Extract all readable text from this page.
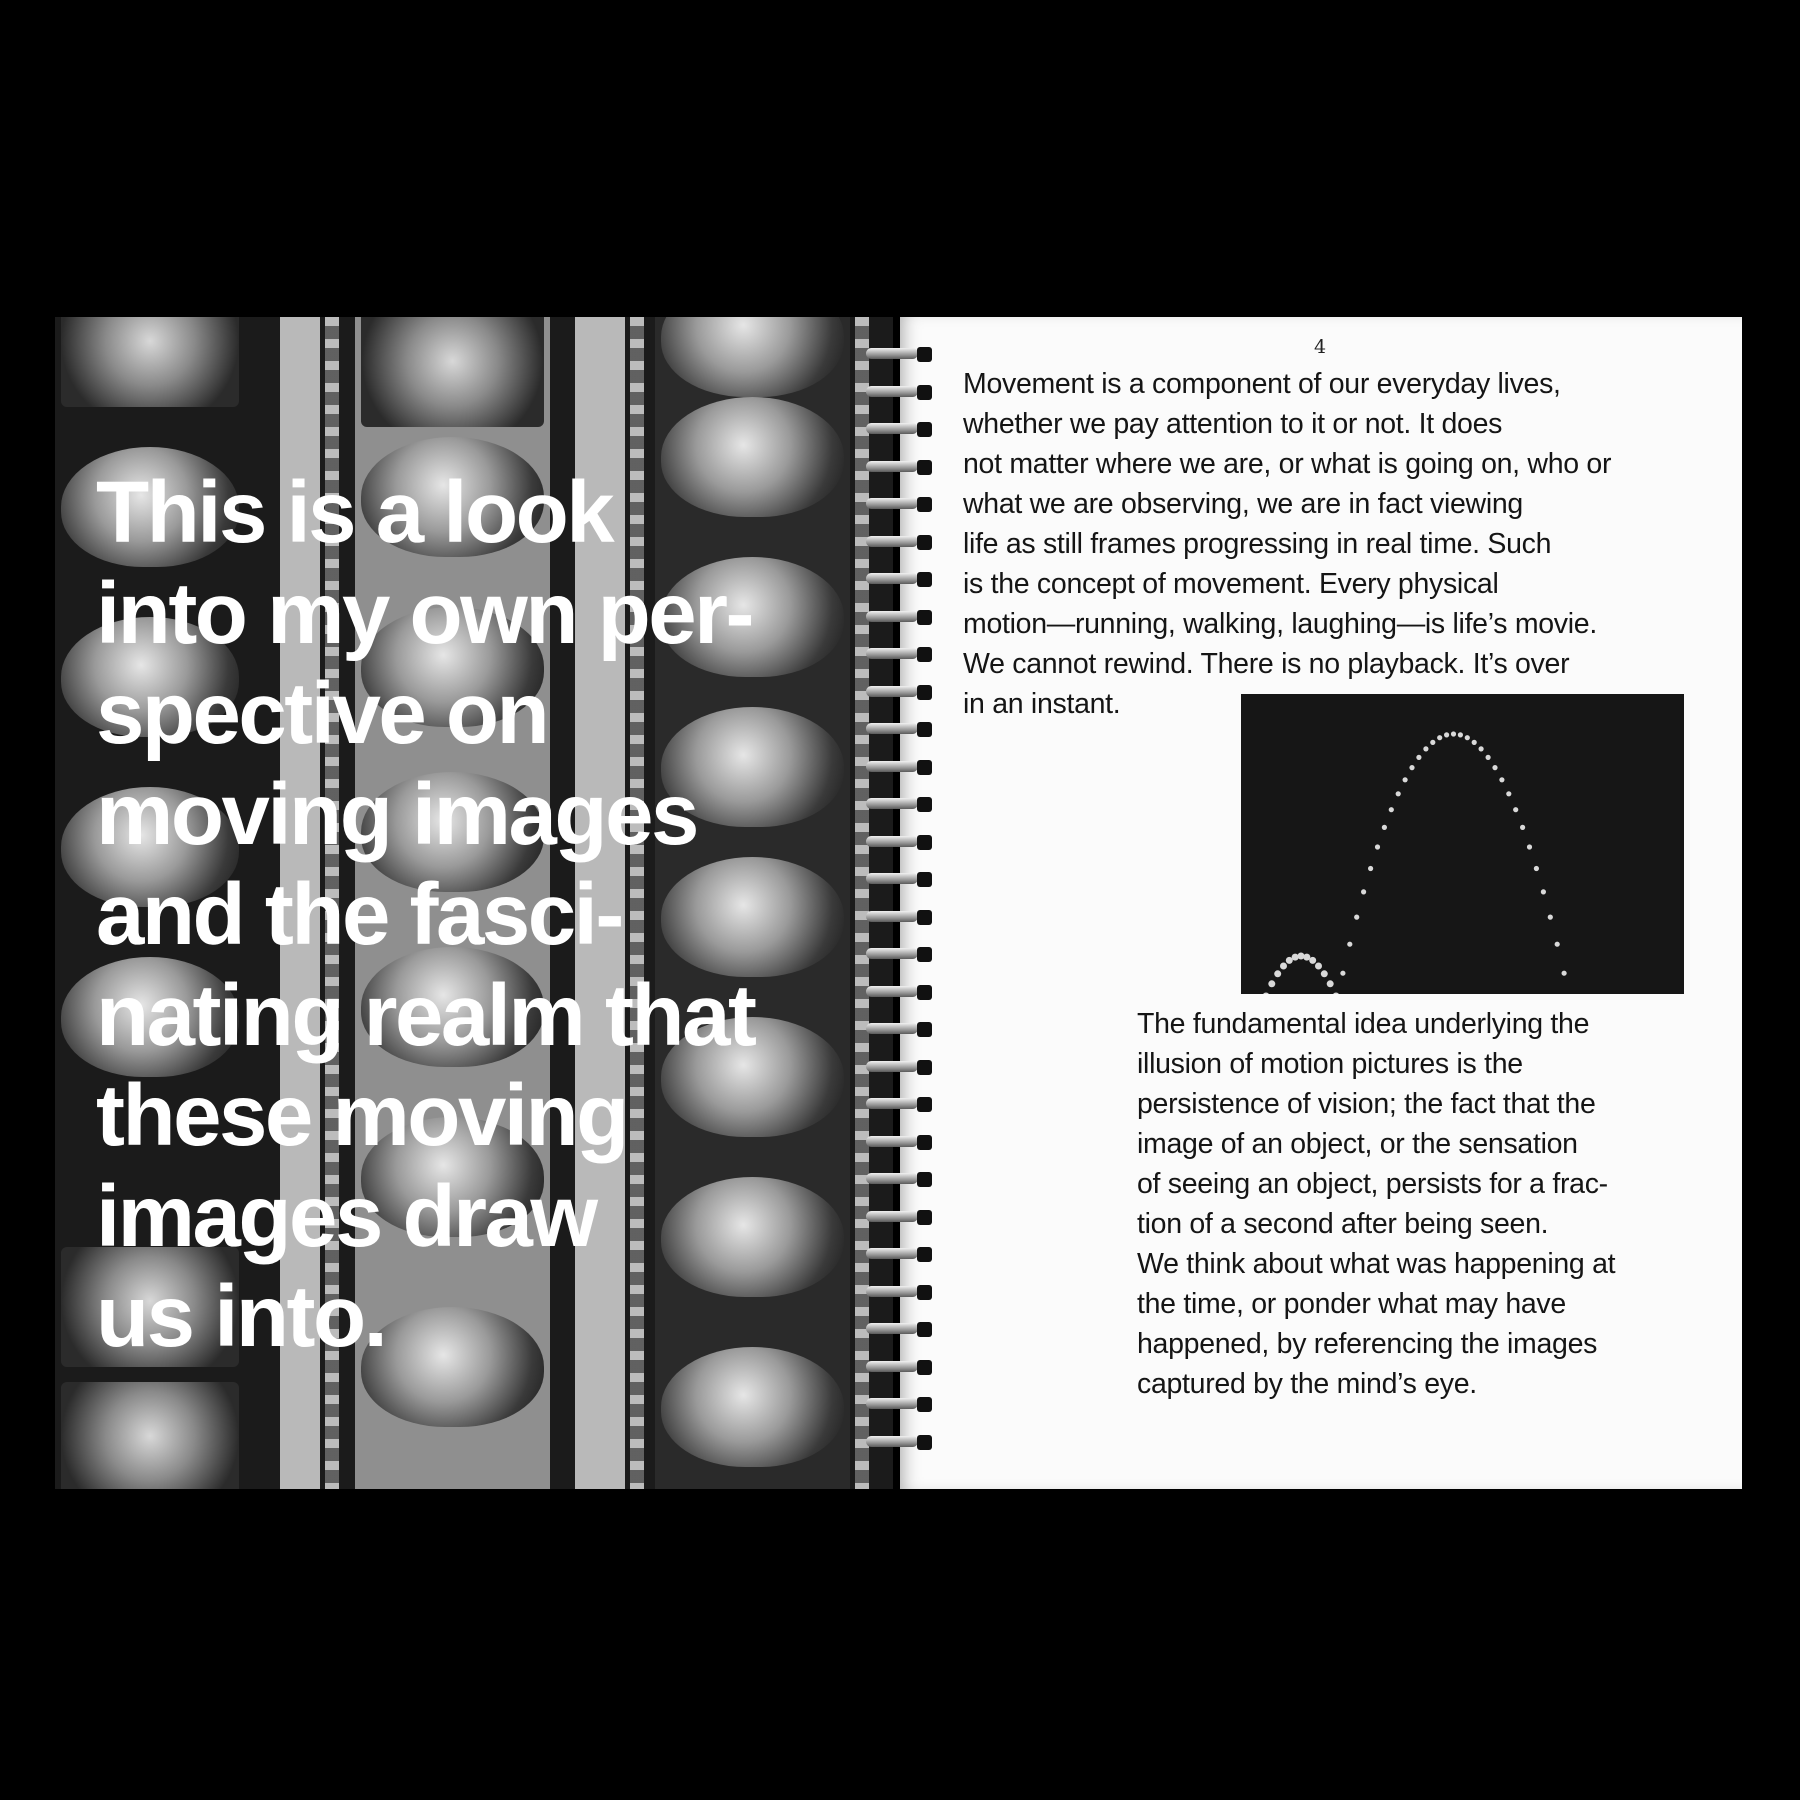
This is a look
into my own per-
spective on
moving images
and the fasci-
nating realm that
these moving
images draw
us into.
4

Movement is a component of our everyday lives,
whether we pay attention to it or not. It does
not matter where we are, or what is going on, who or
what we are observing, we are in fact viewing
life as still frames progressing in real time. Such
is the concept of movement. Every physical
motion—running, walking, laughing—is life’s movie.
We cannot rewind. There is no playback. It’s over
in an instant.

The fundamental idea underlying the
illusion of motion pictures is the
persistence of vision; the fact that the
image of an object, or the sensation
of seeing an object, persists for a frac-
tion of a second after being seen.
We think about what was happening at
the time, or ponder what may have
happened, by referencing the images
captured by the mind’s eye.
